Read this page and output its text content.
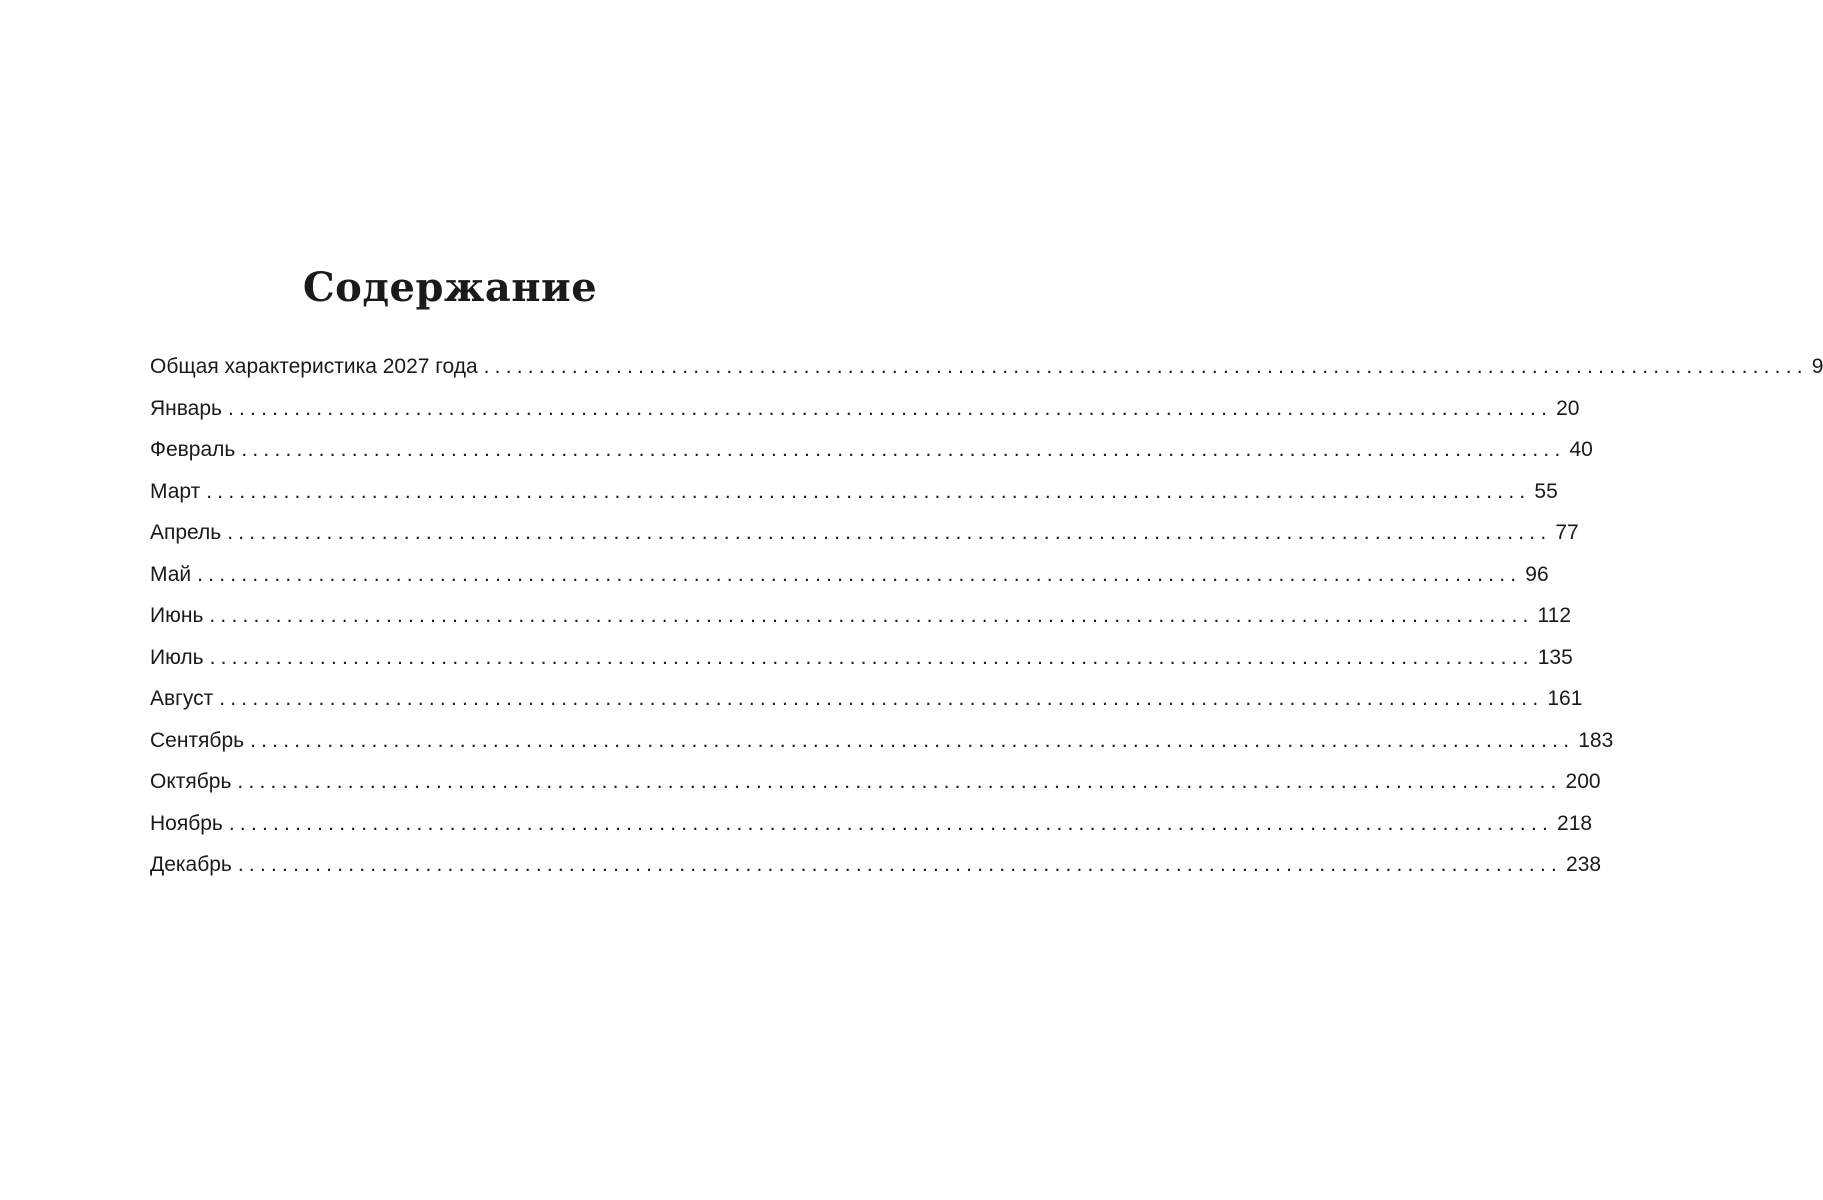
Содержание
Общая характеристика 2027 года ........................................................................................................................ 9
Январь ........................................................................................................................ 20
Февраль ........................................................................................................................ 40
Март ........................................................................................................................ 55
Апрель ........................................................................................................................ 77
Май ........................................................................................................................ 96
Июнь ........................................................................................................................ 112
Июль ........................................................................................................................ 135
Август ........................................................................................................................ 161
Сентябрь ........................................................................................................................ 183
Октябрь ........................................................................................................................ 200
Ноябрь ........................................................................................................................ 218
Декабрь ........................................................................................................................ 238
